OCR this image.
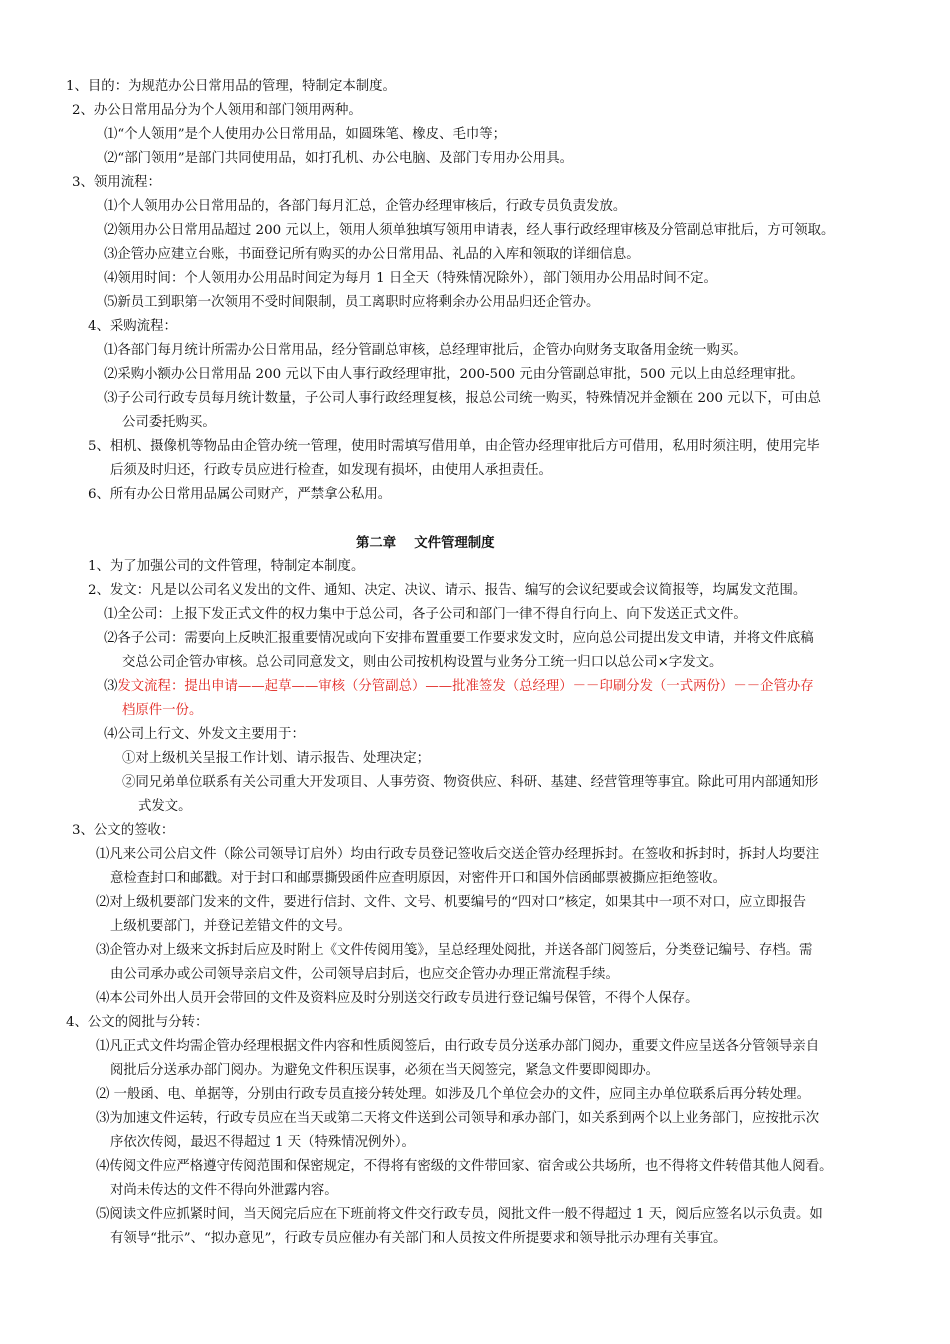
1、目的：为规范办公日常用品的管理，特制定本制度。
2、办公日常用品分为个人领用和部门领用两种。
⑴“个人领用”是个人使用办公日常用品，如圆珠笔、橡皮、毛巾等；
⑵“部门领用”是部门共同使用品，如打孔机、办公电脑、及部门专用办公用具。
3、领用流程：
⑴个人领用办公日常用品的，各部门每月汇总，企管办经理审核后，行政专员负责发放。
⑵领用办公日常用品超过 200 元以上，领用人须单独填写领用申请表，经人事行政经理审核及分管副总审批后，方可领取。
⑶企管办应建立台账，书面登记所有购买的办公日常用品、礼品的入库和领取的详细信息。
⑷领用时间：个人领用办公用品时间定为每月 1 日全天（特殊情况除外），部门领用办公用品时间不定。
⑸新员工到职第一次领用不受时间限制，员工离职时应将剩余办公用品归还企管办。
4、采购流程：
⑴各部门每月统计所需办公日常用品，经分管副总审核，总经理审批后，企管办向财务支取备用金统一购买。
⑵采购小额办公日常用品 200 元以下由人事行政经理审批，200-500 元由分管副总审批，500 元以上由总经理审批。
⑶子公司行政专员每月统计数量，子公司人事行政经理复核，报总公司统一购买，特殊情况并金额在 200 元以下，可由总
公司委托购买。
5、相机、摄像机等物品由企管办统一管理，使用时需填写借用单，由企管办经理审批后方可借用，私用时须注明，使用完毕
后须及时归还，行政专员应进行检查，如发现有损坏，由使用人承担责任。
6、所有办公日常用品属公司财产，严禁拿公私用。
第二章　 文件管理制度
1、为了加强公司的文件管理，特制定本制度。
2、发文：凡是以公司名义发出的文件、通知、决定、决议、请示、报告、编写的会议纪要或会议简报等，均属发文范围。
⑴全公司：上报下发正式文件的权力集中于总公司，各子公司和部门一律不得自行向上、向下发送正式文件。
⑵各子公司：需要向上反映汇报重要情况或向下安排布置重要工作要求发文时，应向总公司提出发文申请，并将文件底稿
交总公司企管办审核。总公司同意发文，则由公司按机构设置与业务分工统一归口以总公司×字发文。
⑶发文流程：提出申请——起草——审核（分管副总）——批准签发（总经理）－－印刷分发（一式两份）－－企管办存
档原件一份。
⑷公司上行文、外发文主要用于：
①对上级机关呈报工作计划、请示报告、处理决定；
②同兄弟单位联系有关公司重大开发项目、人事劳资、物资供应、科研、基建、经营管理等事宜。除此可用内部通知形
式发文。
3、公文的签收：
⑴凡来公司公启文件（除公司领导订启外）均由行政专员登记签收后交送企管办经理拆封。在签收和拆封时，拆封人均要注
意检查封口和邮戳。对于封口和邮票撕毁函件应查明原因，对密件开口和国外信函邮票被撕应拒绝签收。
⑵对上级机要部门发来的文件，要进行信封、文件、文号、机要编号的“四对口”核定，如果其中一项不对口，应立即报告
上级机要部门，并登记差错文件的文号。
⑶企管办对上级来文拆封后应及时附上《文件传阅用笺》，呈总经理处阅批，并送各部门阅签后，分类登记编号、存档。需
由公司承办或公司领导亲启文件，公司领导启封后，也应交企管办办理正常流程手续。
⑷本公司外出人员开会带回的文件及资料应及时分别送交行政专员进行登记编号保管，不得个人保存。
4、公文的阅批与分转：
⑴凡正式文件均需企管办经理根据文件内容和性质阅签后，由行政专员分送承办部门阅办，重要文件应呈送各分管领导亲自
阅批后分送承办部门阅办。为避免文件积压误事，必须在当天阅签完，紧急文件要即阅即办。
⑵ 一般函、电、单据等，分别由行政专员直接分转处理。如涉及几个单位会办的文件，应同主办单位联系后再分转处理。
⑶为加速文件运转，行政专员应在当天或第二天将文件送到公司领导和承办部门，如关系到两个以上业务部门，应按批示次
序依次传阅，最迟不得超过 1 天（特殊情况例外）。
⑷传阅文件应严格遵守传阅范围和保密规定，不得将有密级的文件带回家、宿舍或公共场所，也不得将文件转借其他人阅看。
对尚未传达的文件不得向外泄露内容。
⑸阅读文件应抓紧时间，当天阅完后应在下班前将文件交行政专员，阅批文件一般不得超过 1 天，阅后应签名以示负责。如
有领导“批示”、“拟办意见”，行政专员应催办有关部门和人员按文件所提要求和领导批示办理有关事宜。
